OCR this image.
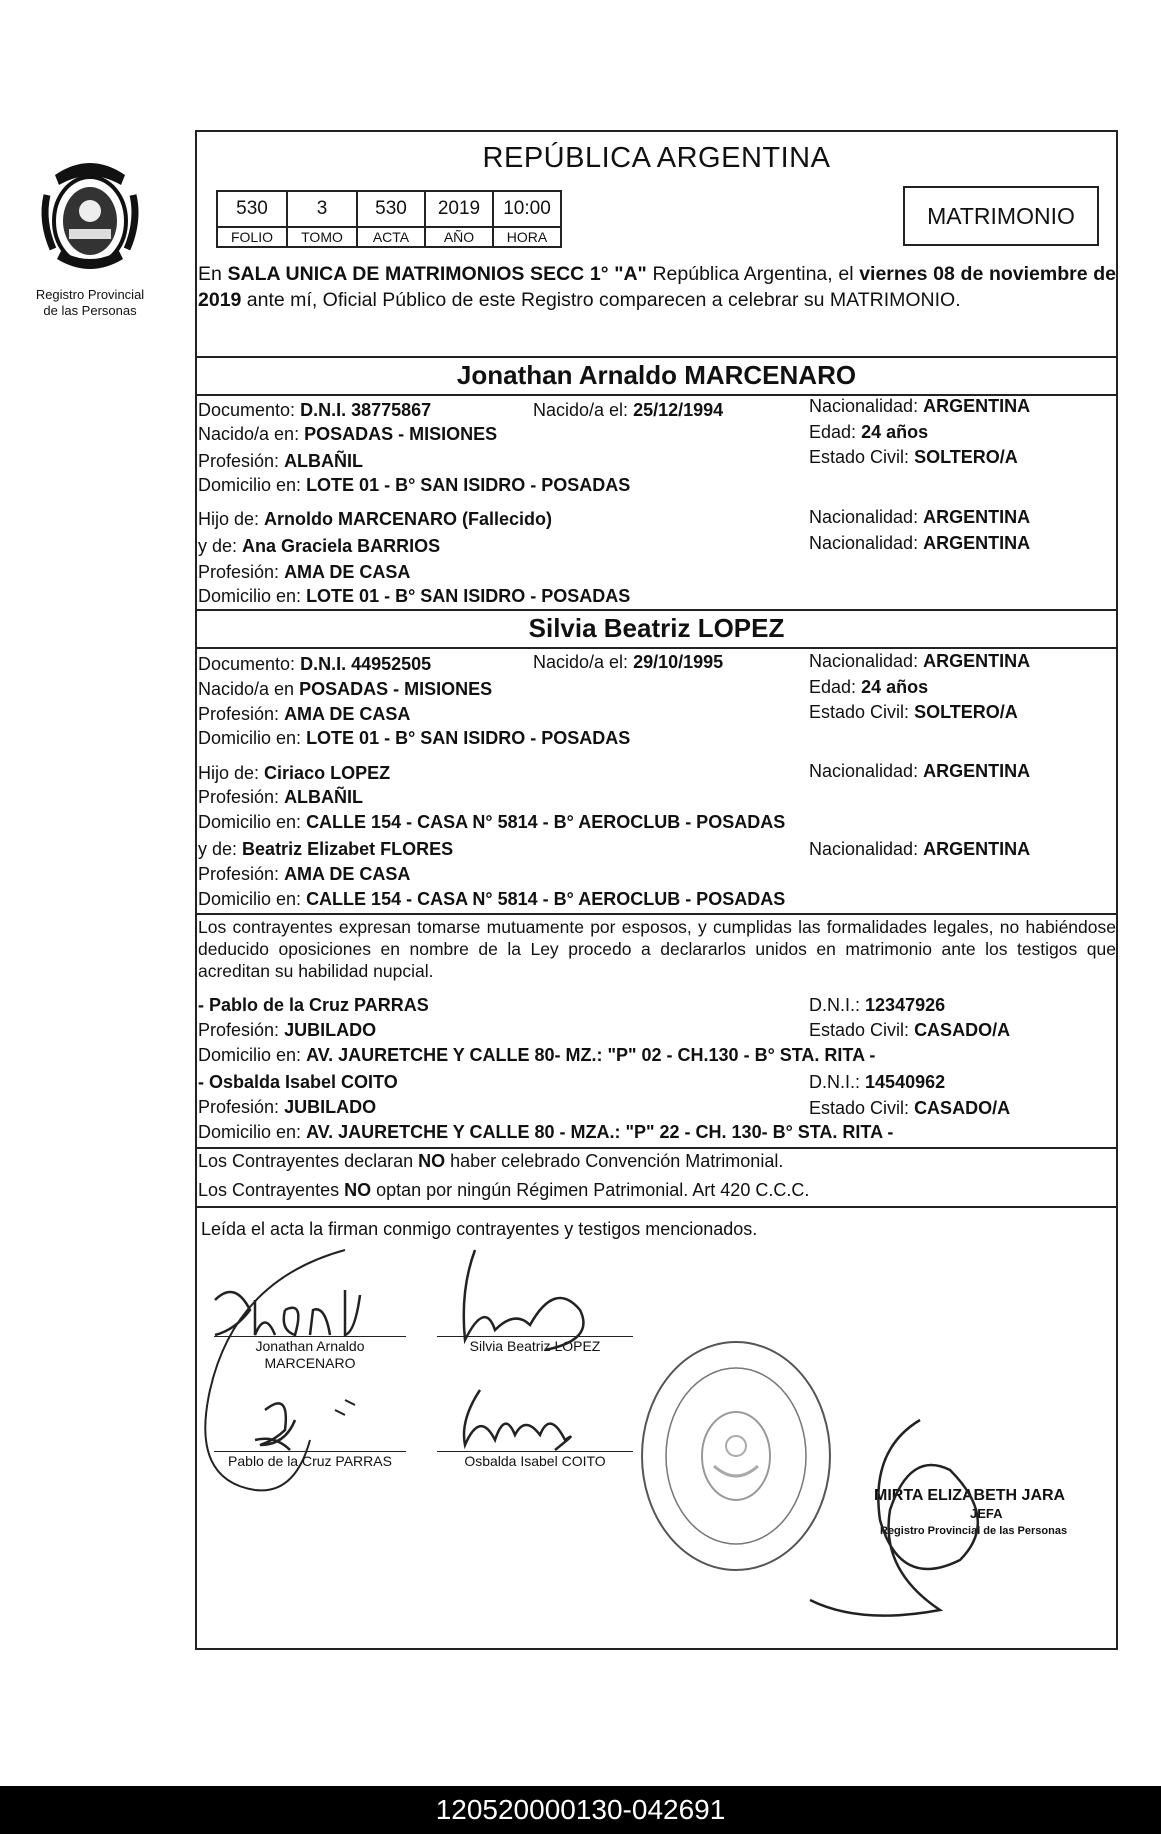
Registro Provincial
de las Personas
REPÚBLICA ARGENTINA
530	3	530	2019	10:00
FOLIO	TOMO	ACTA	AÑO	HORA
MATRIMONIO
En SALA UNICA DE MATRIMONIOS SECC 1° "A" República Argentina, el viernes 08 de noviembre de 2019 ante mí, Oficial Público de este Registro comparecen a celebrar su MATRIMONIO.
Jonathan Arnaldo MARCENARO
Documento: D.N.I. 38775867	Nacido/a el: 25/12/1994	Nacionalidad: ARGENTINA
Nacido/a en: POSADAS - MISIONES	Edad: 24 años
Profesión: ALBAÑIL	Estado Civil: SOLTERO/A
Domicilio en: LOTE 01 - B° SAN ISIDRO - POSADAS
Hijo de: Arnoldo MARCENARO (Fallecido)	Nacionalidad: ARGENTINA
y de: Ana Graciela BARRIOS	Nacionalidad: ARGENTINA
Profesión: AMA DE CASA
Domicilio en: LOTE 01 - B° SAN ISIDRO - POSADAS
Silvia Beatriz LOPEZ
Documento: D.N.I. 44952505	Nacido/a el: 29/10/1995	Nacionalidad: ARGENTINA
Nacido/a en POSADAS - MISIONES	Edad: 24 años
Profesión: AMA DE CASA	Estado Civil: SOLTERO/A
Domicilio en: LOTE 01 - B° SAN ISIDRO - POSADAS
Hijo de: Ciriaco LOPEZ	Nacionalidad: ARGENTINA
Profesión: ALBAÑIL
Domicilio en: CALLE 154 - CASA N° 5814 - B° AEROCLUB - POSADAS
y de: Beatriz Elizabet FLORES	Nacionalidad: ARGENTINA
Profesión: AMA DE CASA
Domicilio en: CALLE 154 - CASA N° 5814 - B° AEROCLUB - POSADAS
Los contrayentes expresan tomarse mutuamente por esposos, y cumplidas las formalidades legales, no habiéndose deducido oposiciones en nombre de la Ley procedo a declararlos unidos en matrimonio ante los testigos que acreditan su habilidad nupcial.
- Pablo de la Cruz PARRAS	D.N.I.: 12347926
Profesión: JUBILADO	Estado Civil: CASADO/A
Domicilio en: AV. JAURETCHE Y CALLE 80- MZ.: "P" 02 - CH.130 - B° STA. RITA -
- Osbalda Isabel COITO	D.N.I.: 14540962
Profesión: JUBILADO	Estado Civil: CASADO/A
Domicilio en: AV. JAURETCHE Y CALLE 80 - MZA.: "P" 22 - CH. 130- B° STA. RITA -
Los Contrayentes declaran NO haber celebrado Convención Matrimonial.
Los Contrayentes NO optan por ningún Régimen Patrimonial. Art 420 C.C.C.
Leída el acta la firman conmigo contrayentes y testigos mencionados.
Jonathan Arnaldo
MARCENARO
Silvia Beatriz LOPEZ
Pablo de la Cruz PARRAS	Osbalda Isabel COITO
MIRTA ELIZABETH JARA
JEFA
Registro Provincial de las Personas
120520000130-042691
